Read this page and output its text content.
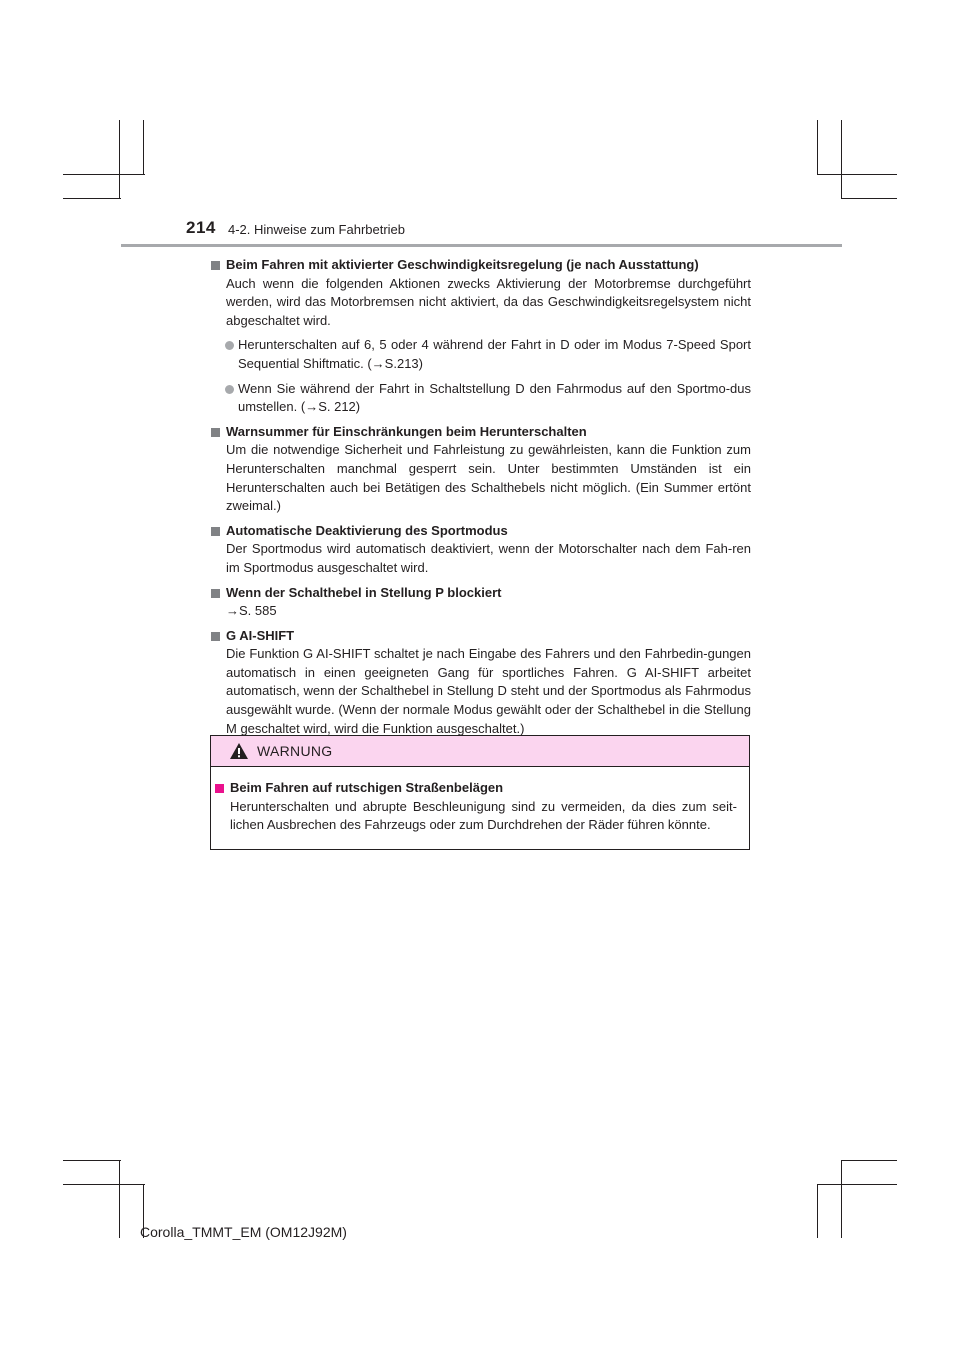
214 4-2. Hinweise zum Fahrbetrieb
Beim Fahren mit aktivierter Geschwindigkeitsregelung (je nach Ausstattung)
Auch wenn die folgenden Aktionen zwecks Aktivierung der Motorbremse durchgeführt werden, wird das Motorbremsen nicht aktiviert, da das Geschwindigkeitsregelsystem nicht abgeschaltet wird.
Herunterschalten auf 6, 5 oder 4 während der Fahrt in D oder im Modus 7-Speed Sport Sequential Shiftmatic. (→S.213)
Wenn Sie während der Fahrt in Schaltstellung D den Fahrmodus auf den Sportmo-dus umstellen. (→S. 212)
Warnsummer für Einschränkungen beim Herunterschalten
Um die notwendige Sicherheit und Fahrleistung zu gewährleisten, kann die Funktion zum Herunterschalten manchmal gesperrt sein. Unter bestimmten Umständen ist ein Herunterschalten auch bei Betätigen des Schalthebels nicht möglich. (Ein Summer ertönt zweimal.)
Automatische Deaktivierung des Sportmodus
Der Sportmodus wird automatisch deaktiviert, wenn der Motorschalter nach dem Fah-ren im Sportmodus ausgeschaltet wird.
Wenn der Schalthebel in Stellung P blockiert
→S. 585
G AI-SHIFT
Die Funktion G AI-SHIFT schaltet je nach Eingabe des Fahrers und den Fahrbedin-gungen automatisch in einen geeigneten Gang für sportliches Fahren. G AI-SHIFT arbeitet automatisch, wenn der Schalthebel in Stellung D steht und der Sportmodus als Fahrmodus ausgewählt wurde. (Wenn der normale Modus gewählt oder der Schalthebel in die Stellung M geschaltet wird, wird die Funktion ausgeschaltet.)
WARNUNG
Beim Fahren auf rutschigen Straßenbelägen
Herunterschalten und abrupte Beschleunigung sind zu vermeiden, da dies zum seit-lichen Ausbrechen des Fahrzeugs oder zum Durchdrehen der Räder führen könnte.
Corolla_TMMT_EM (OM12J92M)
